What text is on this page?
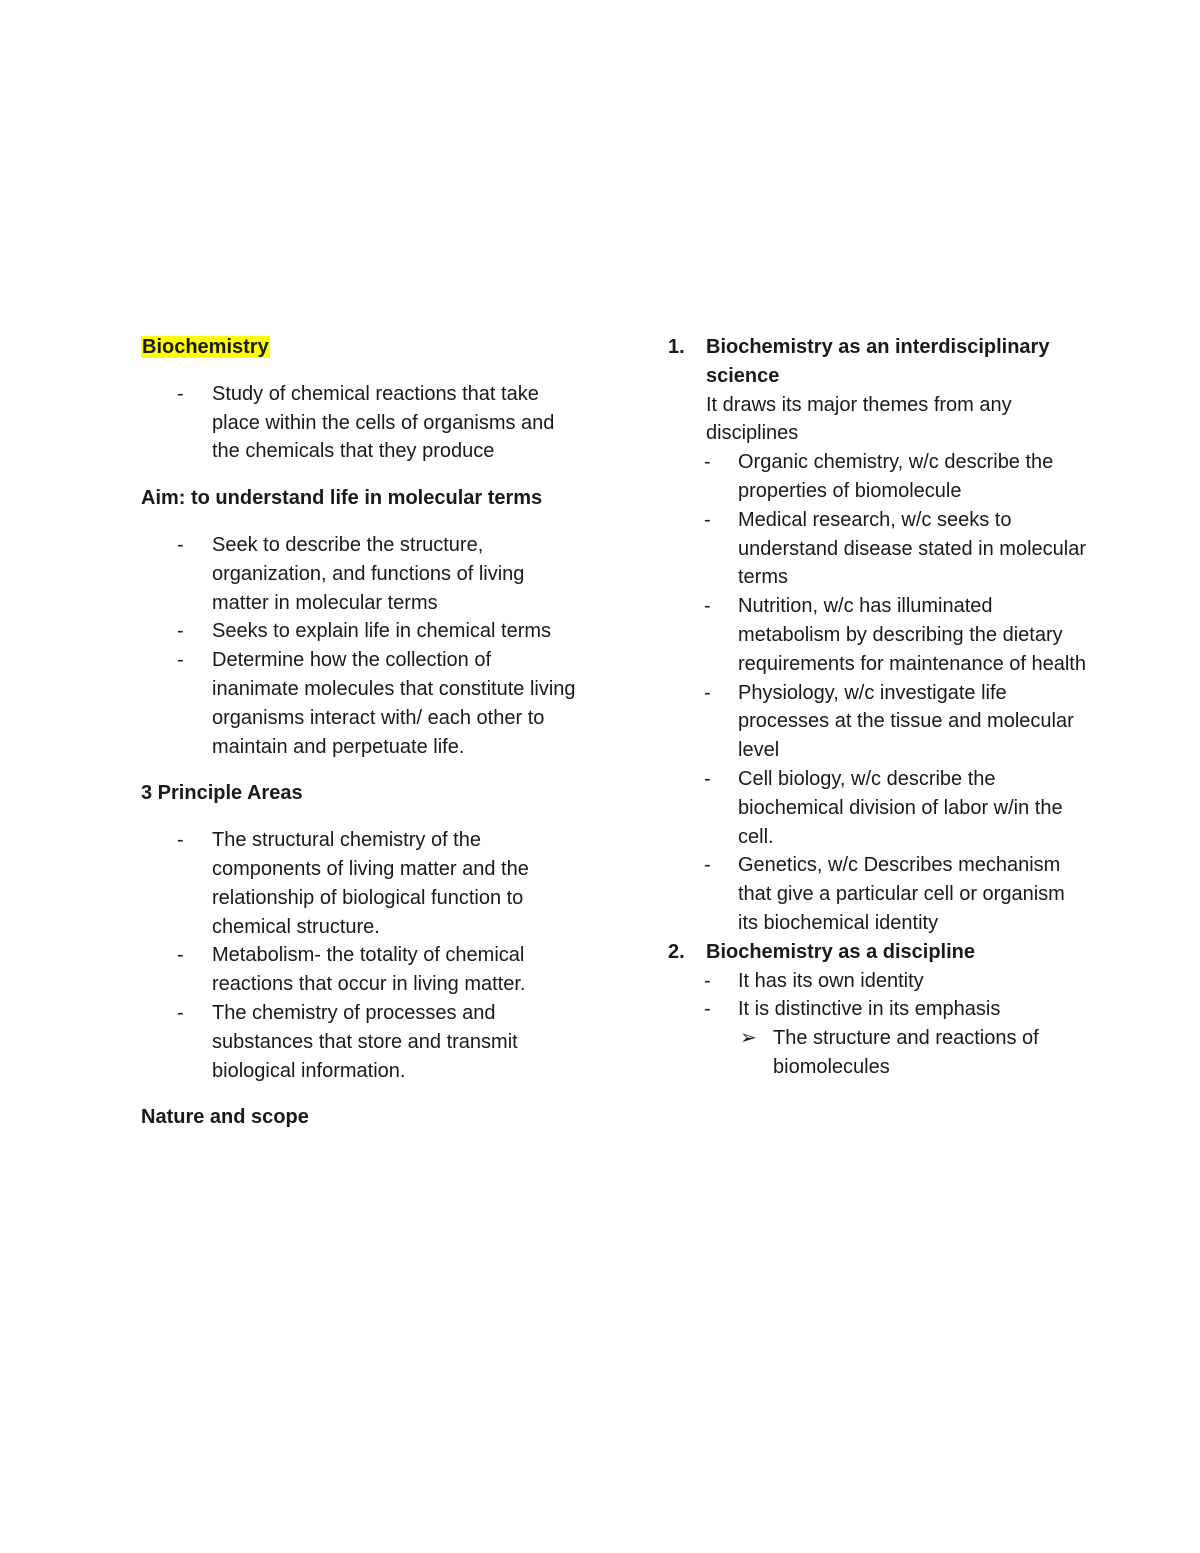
Biochemistry

- Study of chemical reactions that take place within the cells of organisms and the chemicals that they produce

Aim: to understand life in molecular terms

- Seek to describe the structure, organization, and functions of living matter in molecular terms
- Seeks to explain life in chemical terms
- Determine how the collection of inanimate molecules that constitute living organisms interact with/ each other to maintain and perpetuate life.

3 Principle Areas

- The structural chemistry of the components of living matter and the relationship of biological function to chemical structure.
- Metabolism- the totality of chemical reactions that occur in living matter.
- The chemistry of processes and substances that store and transmit biological information.

Nature and scope

1. Biochemistry as an interdisciplinary science
It draws its major themes from any disciplines
- Organic chemistry, w/c describe the properties of biomolecule
- Medical research, w/c seeks to understand disease stated in molecular terms
- Nutrition, w/c has illuminated metabolism by describing the dietary requirements for maintenance of health
- Physiology, w/c investigate life processes at the tissue and molecular level
- Cell biology, w/c describe the biochemical division of labor w/in the cell.
- Genetics, w/c Describes mechanism that give a particular cell or organism its biochemical identity
2. Biochemistry as a discipline
- It has its own identity
- It is distinctive in its emphasis
➢ The structure and reactions of biomolecules
